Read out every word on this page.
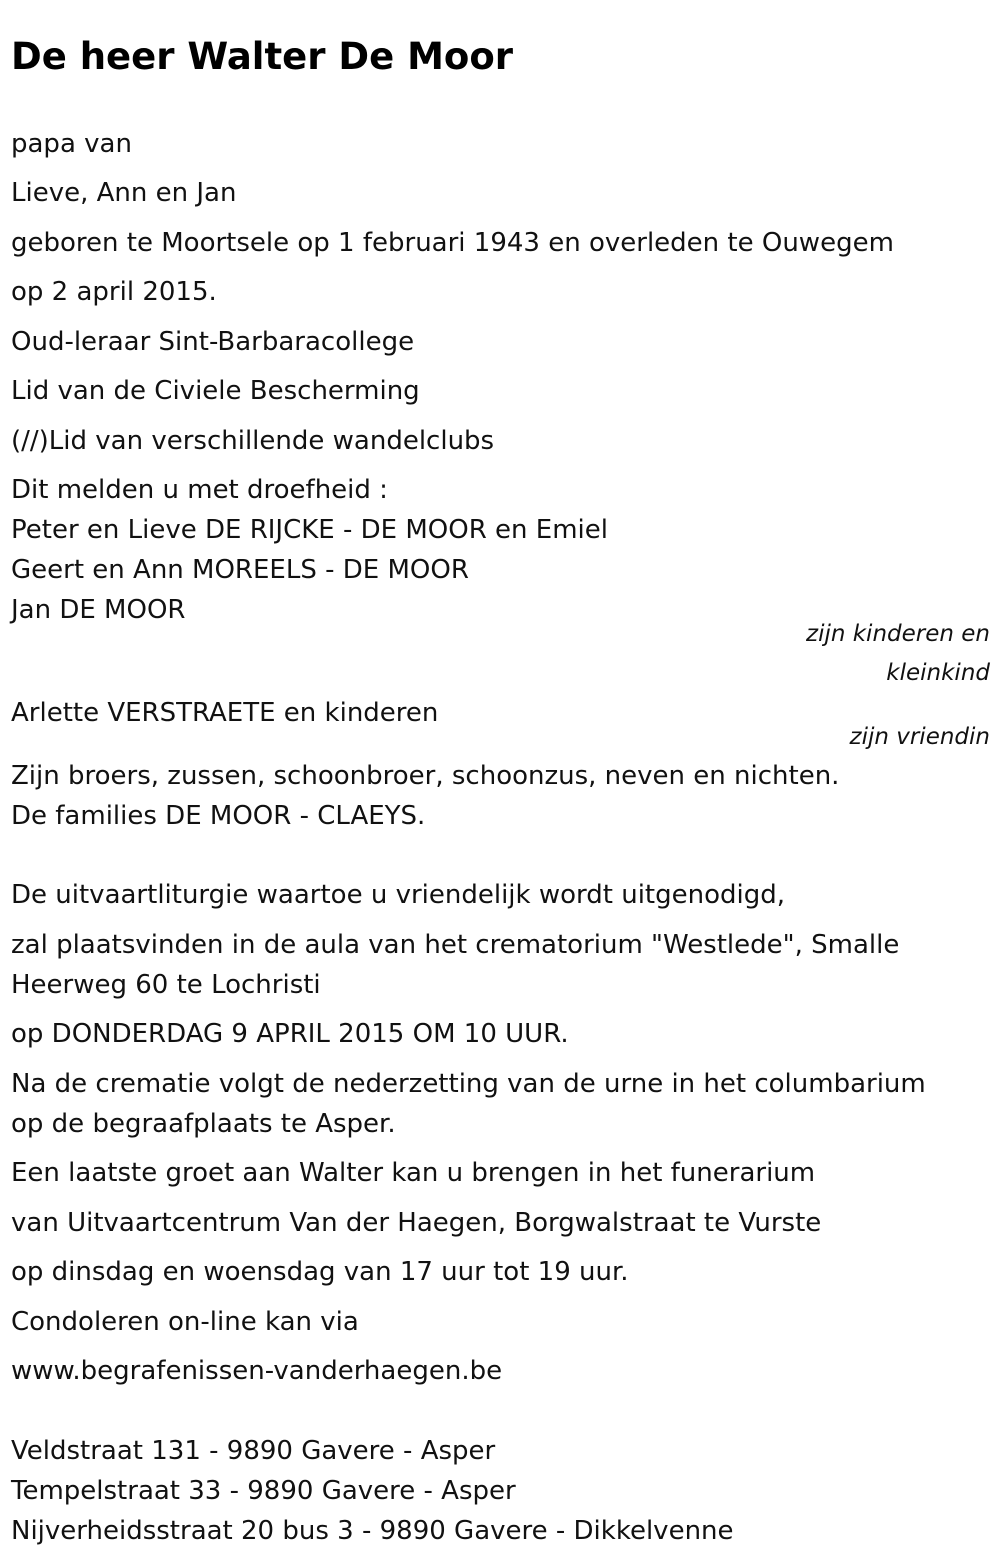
De heer Walter De Moor
papa van
Lieve, Ann en Jan
geboren te Moortsele op 1 februari 1943 en overleden te Ouwegem
op 2 april 2015.
Oud-leraar Sint-Barbaracollege
Lid van de Civiele Bescherming
(//)Lid van verschillende wandelclubs
Dit melden u met droefheid :
Peter en Lieve DE RIJCKE - DE MOOR en Emiel
Geert en Ann MOREELS - DE MOOR
Jan DE MOOR
zijn kinderen en
kleinkind
Arlette VERSTRAETE en kinderen
zijn vriendin
Zijn broers, zussen, schoonbroer, schoonzus, neven en nichten.
De families DE MOOR - CLAEYS.
De uitvaartliturgie waartoe u vriendelijk wordt uitgenodigd,
zal plaatsvinden in de aula van het crematorium "Westlede", Smalle
Heerweg 60 te Lochristi
op DONDERDAG 9 APRIL 2015 OM 10 UUR.
Na de crematie volgt de nederzetting van de urne in het columbarium
op de begraafplaats te Asper.
Een laatste groet aan Walter kan u brengen in het funerarium
van Uitvaartcentrum Van der Haegen, Borgwalstraat te Vurste
op dinsdag en woensdag van 17 uur tot 19 uur.
Condoleren on-line kan via
www.begrafenissen-vanderhaegen.be
Veldstraat 131 - 9890 Gavere - Asper
Tempelstraat 33 - 9890 Gavere - Asper
Nijverheidsstraat 20 bus 3 - 9890 Gavere - Dikkelvenne
